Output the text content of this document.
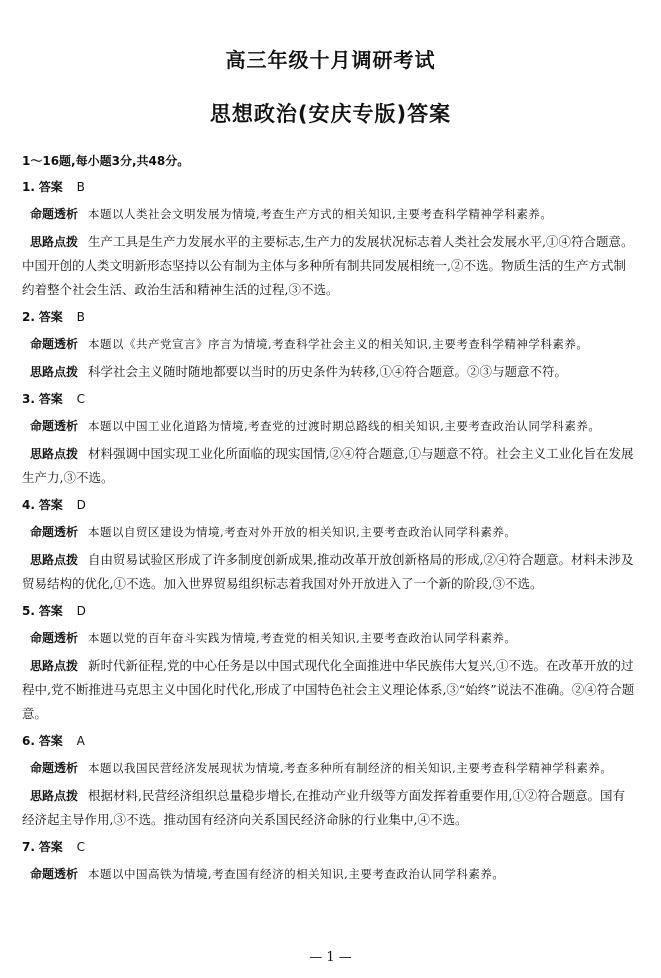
高三年级十月调研考试
思想政治(安庆专版)答案
1～16题,每小题3分,共48分。
1. 答案 B
命题透析 本题以人类社会文明发展为情境,考查生产方式的相关知识,主要考查科学精神学科素养。
思路点拨 生产工具是生产力发展水平的主要标志,生产力的发展状况标志着人类社会发展水平,①④符合题意。中国开创的人类文明新形态坚持以公有制为主体与多种所有制共同发展相统一,②不选。物质生活的生产方式制约着整个社会生活、政治生活和精神生活的过程,③不选。
2. 答案 B
命题透析 本题以《共产党宣言》序言为情境,考查科学社会主义的相关知识,主要考查科学精神学科素养。
思路点拨 科学社会主义随时随地都要以当时的历史条件为转移,①④符合题意。②③与题意不符。
3. 答案 C
命题透析 本题以中国工业化道路为情境,考查党的过渡时期总路线的相关知识,主要考查政治认同学科素养。
思路点拨 材料强调中国实现工业化所面临的现实国情,②④符合题意,①与题意不符。社会主义工业化旨在发展生产力,③不选。
4. 答案 D
命题透析 本题以自贸区建设为情境,考查对外开放的相关知识,主要考查政治认同学科素养。
思路点拨 自由贸易试验区形成了许多制度创新成果,推动改革开放创新格局的形成,②④符合题意。材料未涉及贸易结构的优化,①不选。加入世界贸易组织标志着我国对外开放进入了一个新的阶段,③不选。
5. 答案 D
命题透析 本题以党的百年奋斗实践为情境,考查党的相关知识,主要考查政治认同学科素养。
思路点拨 新时代新征程,党的中心任务是以中国式现代化全面推进中华民族伟大复兴,①不选。在改革开放的过程中,党不断推进马克思主义中国化时代化,形成了中国特色社会主义理论体系,③“始终”说法不准确。②④符合题意。
6. 答案 A
命题透析 本题以我国民营经济发展现状为情境,考查多种所有制经济的相关知识,主要考查科学精神学科素养。
思路点拨 根据材料,民营经济组织总量稳步增长,在推动产业升级等方面发挥着重要作用,①②符合题意。国有经济起主导作用,③不选。推动国有经济向关系国民经济命脉的行业集中,④不选。
7. 答案 C
命题透析 本题以中国高铁为情境,考查国有经济的相关知识,主要考查政治认同学科素养。
— 1 —
